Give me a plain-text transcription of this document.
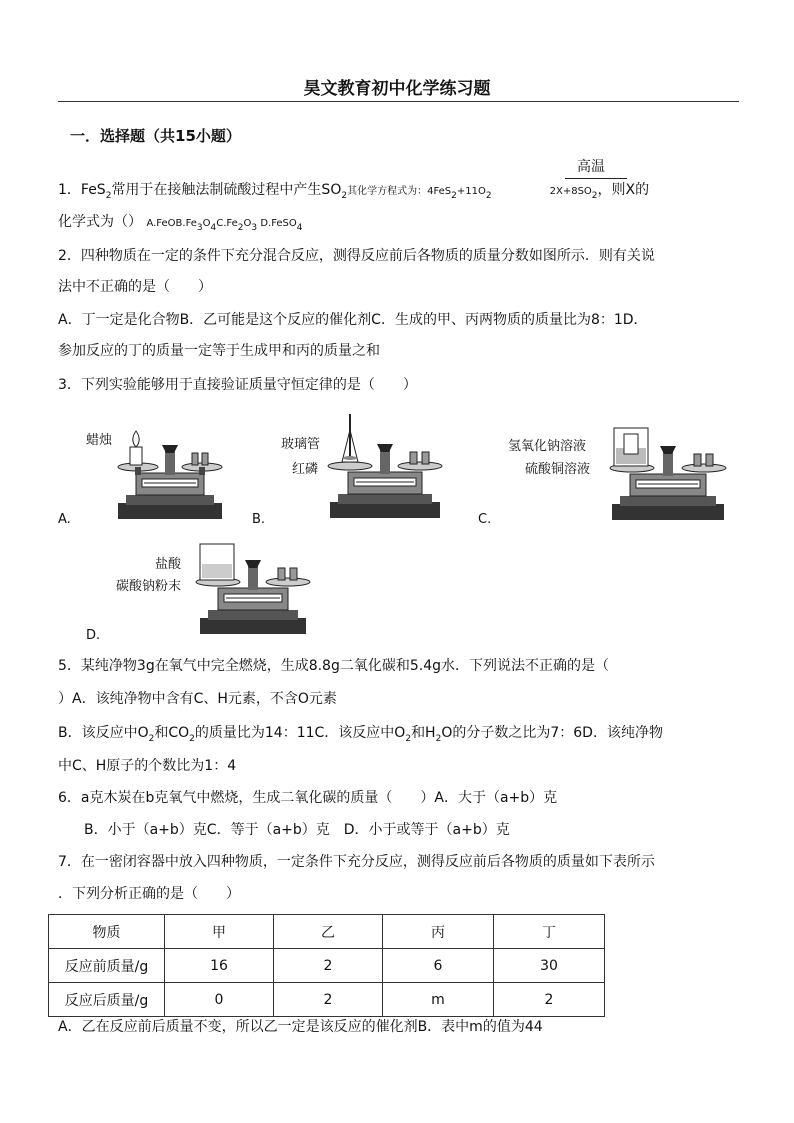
昊文教育初中化学练习题
一．选择题（共15小题）
高温
1．FeS$_2$常用于在接触法制硫酸过程中产生$SO_2$其化学方程式为：$4FeS_2+11O_2$	$2X+8SO_2$，则X的
化学式为（） $A.FeOB.Fe_3O_4C.Fe_2O_3$ D.FeSO$_4$
2．四种物质在一定的条件下充分混合反应，测得反应前后各物质的质量分数如图所示．则有关说
法中不正确的是（　　）
A．丁一定是化合物B．乙可能是这个反应的催化剂C．生成的甲、丙两物质的质量比为8：1D．
参加反应的丁的质量一定等于生成甲和丙的质量之和
3．下列实验能够用于直接验证质量守恒定律的是（　　）
蜡烛
A.
玻璃管
红磷
B.
氢氧化钠溶液
硫酸铜溶液
C.
盐酸
碳酸钠粉末
D.
5．某纯净物3g在氧气中完全燃烧，生成8.8g二氧化碳和5.4g水．下列说法不正确的是（
）A．该纯净物中含有C、H元素，不含O元素
B．该反应中$O_2$和$CO_2$的质量比为14：11C．该反应中$O_2$和$H_2O$的分子数之比为7：6D．该纯净物
中C、H原子的个数比为1：4
6．a克木炭在b克氧气中燃烧，生成二氧化碳的质量（　　）A．大于（a+b）克
B．小于（a+b）克C．等于（a+b）克　D．小于或等于（a+b）克
7．在一密闭容器中放入四种物质，一定条件下充分反应，测得反应前后各物质的质量如下表所示
．下列分析正确的是（　　）
物质	甲	乙	丙	丁
反应前质量/g	16	2	6	30
反应后质量/g	0	2	m	2
A．乙在反应前后质量不变，所以乙一定是该反应的催化剂B．表中m的值为44
